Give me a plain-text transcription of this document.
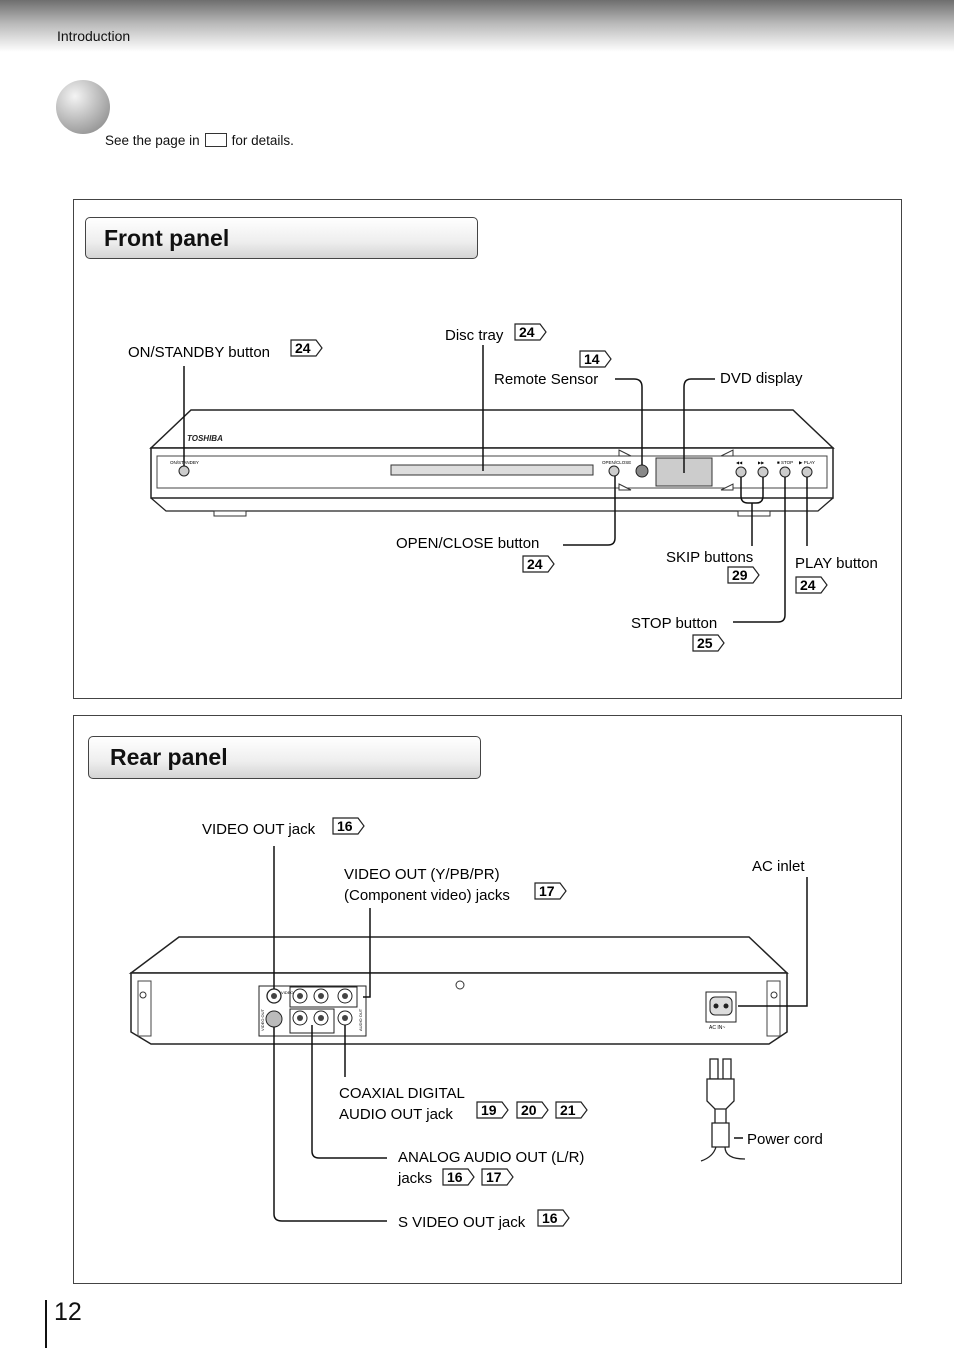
Introduction
See the page in for details.
Front panel
TOSHIBA
ON/STANDBY	OPEN/CLOSE	◀◀	▶▶	■ STOP ▶ PLAY
ON/STANDBY button 24
Disc tray 24
14
Remote Sensor	DVD display
OPEN/CLOSE button
24	SKIP buttons
29
PLAY button
24
STOP button
25
Rear panel
VIDEO
VIDEO OUT	AUDIO OUT	AC IN~
VIDEO OUT jack 16
VIDEO OUT (Y/PB/PR)
(Component video) jacks 17
AC inlet
COAXIAL DIGITAL
AUDIO OUT jack 19 20 21
ANALOG AUDIO OUT (L/R)
jacks 16 17
Power cord
S VIDEO OUT jack 16
12
